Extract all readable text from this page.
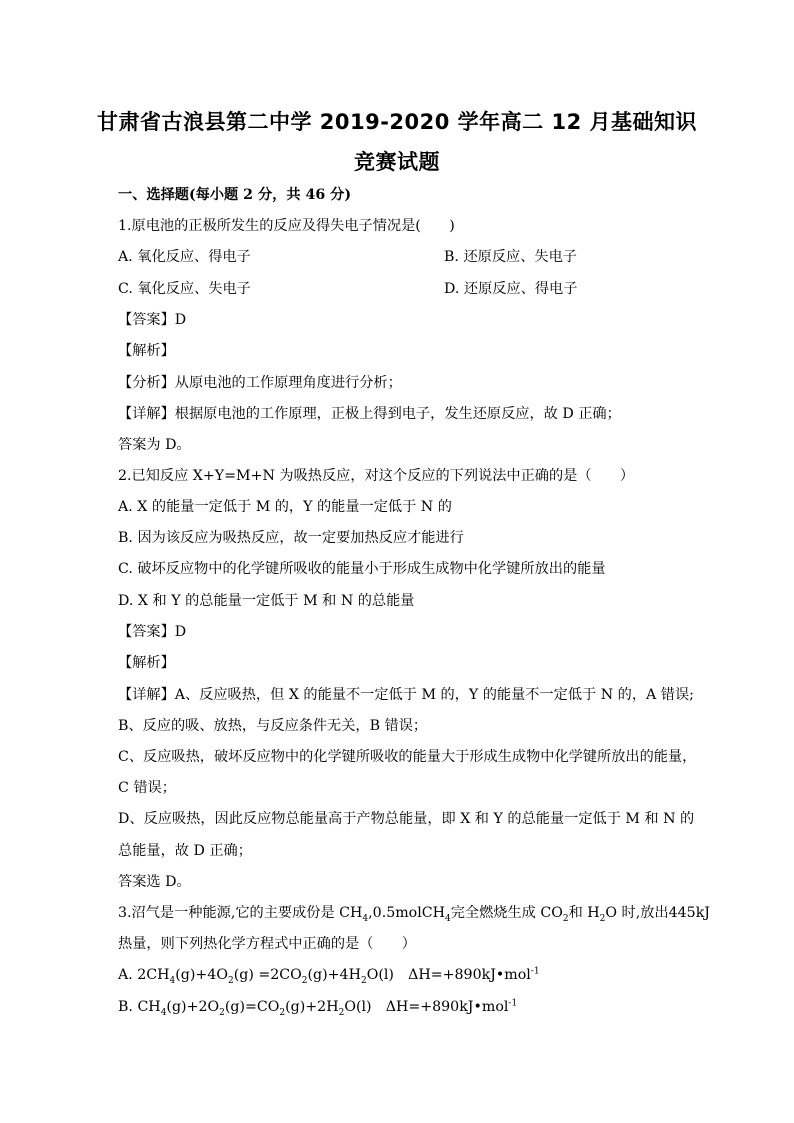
甘肃省古浪县第二中学 2019-2020 学年高二 12 月基础知识
竞赛试题
一、选择题(每小题 2 分，共 46 分)
1.原电池的正极所发生的反应及得失电子情况是(　　)
A. 氧化反应、得电子	B. 还原反应、失电子
C. 氧化反应、失电子	D. 还原反应、得电子
【答案】D
【解析】
【分析】从原电池的工作原理角度进行分析；
【详解】根据原电池的工作原理，正极上得到电子，发生还原反应，故 D 正确；
答案为 D。
2.已知反应 X+Y=M+N 为吸热反应，对这个反应的下列说法中正确的是（　　）
A. X 的能量一定低于 M 的，Y 的能量一定低于 N 的
B. 因为该反应为吸热反应，故一定要加热反应才能进行
C. 破坏反应物中的化学键所吸收的能量小于形成生成物中化学键所放出的能量
D. X 和 Y 的总能量一定低于 M 和 N 的总能量
【答案】D
【解析】
【详解】A、反应吸热，但 X 的能量不一定低于 M 的，Y 的能量不一定低于 N 的，A 错误;
B、反应的吸、放热，与反应条件无关，B 错误；
C、反应吸热，破坏反应物中的化学键所吸收的能量大于形成生成物中化学键所放出的能量，
C 错误；
D、反应吸热，因此反应物总能量高于产物总能量，即 X 和 Y 的总能量一定低于 M 和 N 的
总能量，故 D 正确；
答案选 D。
3.沼气是一种能源,它的主要成份是 $CH_4,0.5molCH_4$完全燃烧生成 $CO_2$和 $H_2O$ 时,放出445kJ
热量，则下列热化学方程式中正确的是（　　）
A. $2CH_4(g)+4O_2(g) =2CO_2(g)+4H_2O(l)$　ΔH=+890kJ•mol$^{-1}$
B. $CH_4(g)+2O_2(g)=CO_2(g)+2H_2O(l)$　ΔH=+890kJ•mol$^{-1}$
